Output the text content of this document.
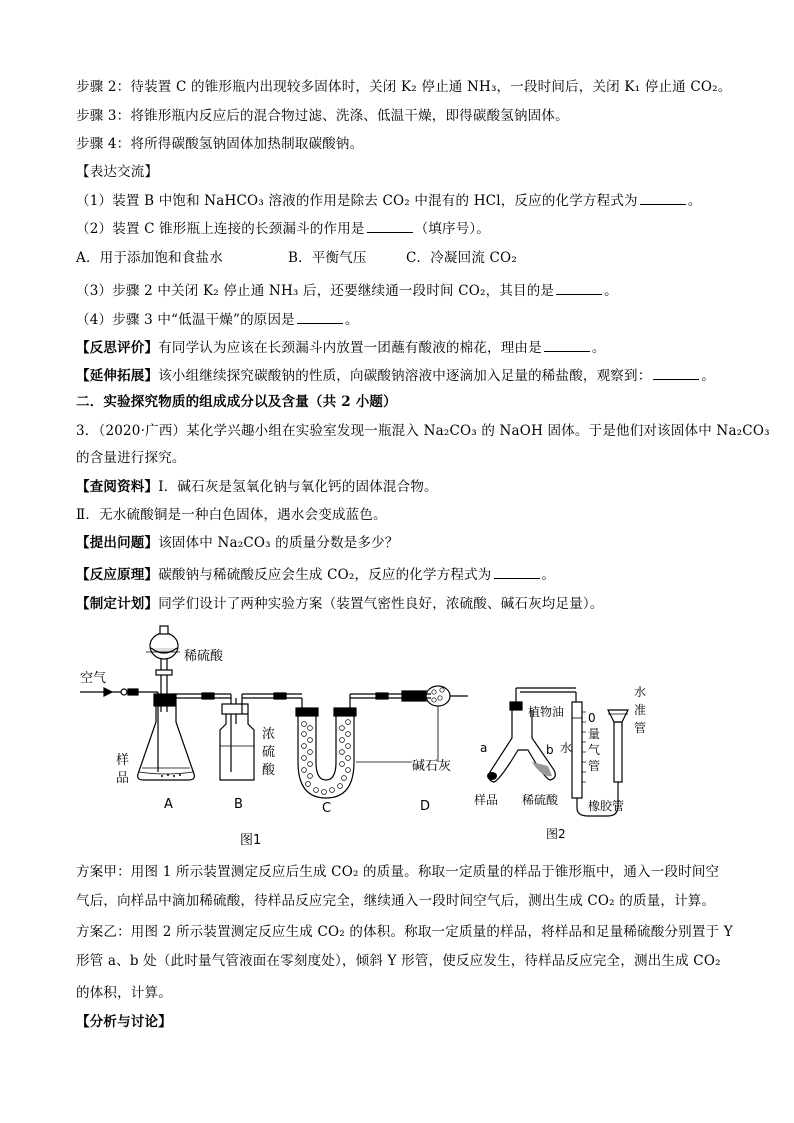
步骤 2：待装置 C 的锥形瓶内出现较多固体时，关闭 K₂ 停止通 NH₃，一段时间后，关闭 K₁ 停止通 CO₂。
步骤 3：将锥形瓶内反应后的混合物过滤、洗涤、低温干燥，即得碳酸氢钠固体。
步骤 4：将所得碳酸氢钠固体加热制取碳酸钠。
【表达交流】
（1）装置 B 中饱和 NaHCO₃ 溶液的作用是除去 CO₂ 中混有的 HCl，反应的化学方程式为	。
（2）装置 C 锥形瓶上连接的长颈漏斗的作用是	（填序号）。
A．用于添加饱和食盐水	B．平衡气压	C．冷凝回流 CO₂
（3）步骤 2 中关闭 K₂ 停止通 NH₃ 后，还要继续通一段时间 CO₂，其目的是	。
（4）步骤 3 中“低温干燥”的原因是	。
【反思评价】有同学认为应该在长颈漏斗内放置一团蘸有酸液的棉花，理由是	。
【延伸拓展】该小组继续探究碳酸钠的性质，向碳酸钠溶液中逐滴加入足量的稀盐酸，观察到：	。
二．实验探究物质的组成成分以及含量（共 2 小题）
3．（2020·广西）某化学兴趣小组在实验室发现一瓶混入 Na₂CO₃ 的 NaOH 固体。于是他们对该固体中 Na₂CO₃
的含量进行探究。
【查阅资料】Ⅰ．碱石灰是氢氧化钠与氧化钙的固体混合物。
Ⅱ．无水硫酸铜是一种白色固体，遇水会变成蓝色。
【提出问题】该固体中 Na₂CO₃ 的质量分数是多少？
【反应原理】碳酸钠与稀硫酸反应会生成 CO₂，反应的化学方程式为	。
【制定计划】同学们设计了两种实验方案（装置气密性良好，浓硫酸、碱石灰均足量）。
空气
稀硫酸
样
品
浓
硫
酸	碱石灰
A	B	C	D
图1
植物油
水
0
量
气
管
水
准
管
a	b
样品 稀硫酸 橡胶管
图2
方案甲：用图 1 所示装置测定反应后生成 CO₂ 的质量。称取一定质量的样品于锥形瓶中，通入一段时间空
气后，向样品中滴加稀硫酸，待样品反应完全，继续通入一段时间空气后，测出生成 CO₂ 的质量，计算。
方案乙：用图 2 所示装置测定反应生成 CO₂ 的体积。称取一定质量的样品，将样品和足量稀硫酸分别置于 Y
形管 a、b 处（此时量气管液面在零刻度处），倾斜 Y 形管，使反应发生，待样品反应完全，测出生成 CO₂
的体积，计算。
【分析与讨论】
